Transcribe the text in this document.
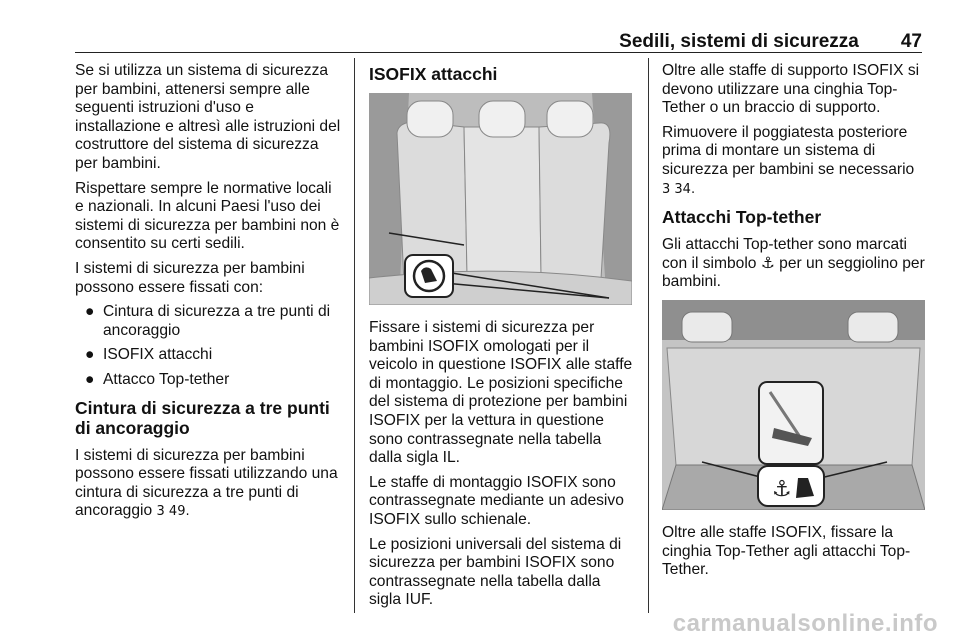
Sedili, sistemi di sicurezza 47

Se si utilizza un sistema di sicurezza per bambini, attenersi sempre alle seguenti istruzioni d'uso e installazione e altresì alle istruzioni del costruttore del sistema di sicurezza per bambini.

Rispettare sempre le normative locali e nazionali. In alcuni Paesi l'uso dei sistemi di sicurezza per bambini non è consentito su certi sedili.

I sistemi di sicurezza per bambini possono essere fissati con:

● Cintura di sicurezza a tre punti di ancoraggio
● ISOFIX attacchi
● Attacco Top-tether
Cintura di sicurezza a tre punti di ancoraggio

I sistemi di sicurezza per bambini possono essere fissati utilizzando una cintura di sicurezza a tre punti di ancoraggio 3 49.

ISOFIX attacchi

Fissare i sistemi di sicurezza per bambini ISOFIX omologati per il veicolo in questione ISOFIX alle staffe di montaggio. Le posizioni specifiche del sistema di protezione per bambini ISOFIX per la vettura in questione sono contrassegnate nella tabella dalla sigla IL.

Le staffe di montaggio ISOFIX sono contrassegnate mediante un adesivo ISOFIX sullo schienale.

Le posizioni universali del sistema di sicurezza per bambini ISOFIX sono contrassegnate nella tabella dalla sigla IUF.

Oltre alle staffe di supporto ISOFIX si devono utilizzare una cinghia Top-Tether o un braccio di supporto.

Rimuovere il poggiatesta posteriore prima di montare un sistema di sicurezza per bambini se necessario
3 34.

Attacchi Top-tether

Gli attacchi Top-tether sono marcati con il simbolo ⚓ per un seggiolino per bambini.

⚓

Oltre alle staffe ISOFIX, fissare la cinghia Top-Tether agli attacchi Top-Tether.

carmanualsonline.info
